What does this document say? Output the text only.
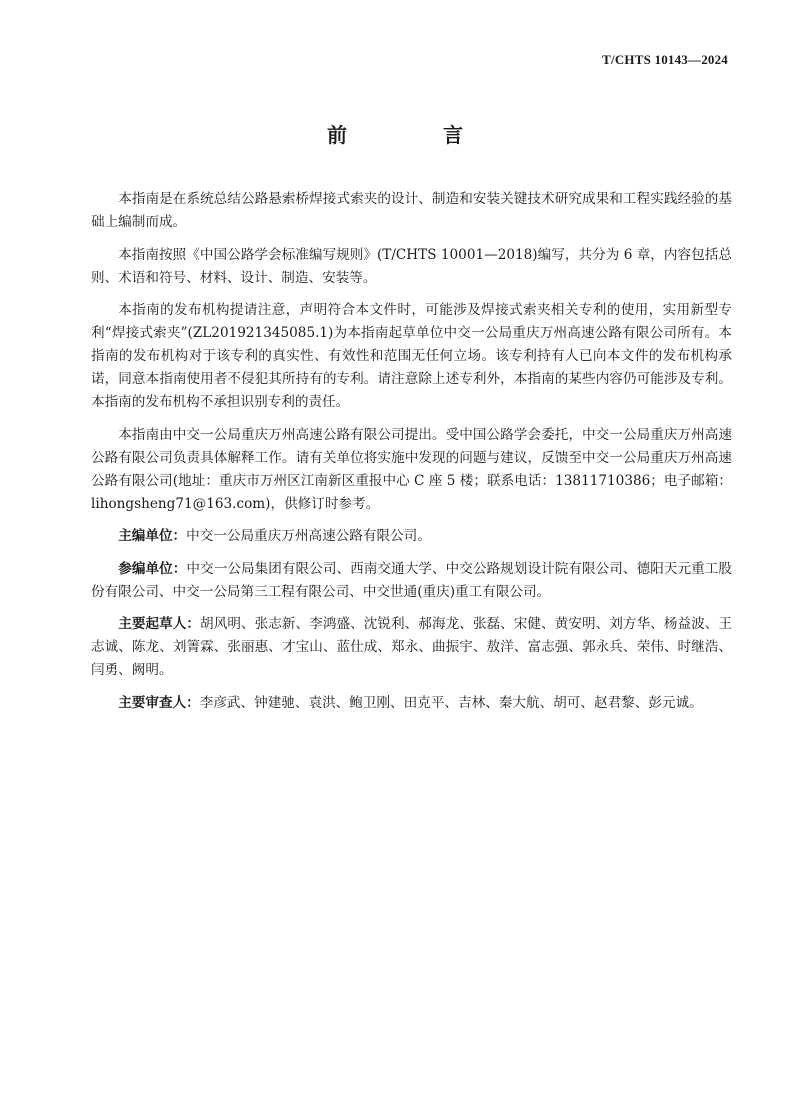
T/CHTS 10143—2024
前　言

本指南是在系统总结公路悬索桥焊接式索夹的设计、制造和安装关键技术研究成果和工程实践经验的基础上编制而成。

本指南按照《中国公路学会标准编写规则》(T/CHTS 10001—2018)编写，共分为 6 章，内容包括总则、术语和符号、材料、设计、制造、安装等。

本指南的发布机构提请注意，声明符合本文件时，可能涉及焊接式索夹相关专利的使用，实用新型专利“焊接式索夹”(ZL201921345085.1)为本指南起草单位中交一公局重庆万州高速公路有限公司所有。本指南的发布机构对于该专利的真实性、有效性和范围无任何立场。该专利持有人已向本文件的发布机构承诺，同意本指南使用者不侵犯其所持有的专利。请注意除上述专利外，本指南的某些内容仍可能涉及专利。本指南的发布机构不承担识别专利的责任。

本指南由中交一公局重庆万州高速公路有限公司提出。受中国公路学会委托，中交一公局重庆万州高速公路有限公司负责具体解释工作。请有关单位将实施中发现的问题与建议，反馈至中交一公局重庆万州高速公路有限公司(地址：重庆市万州区江南新区重报中心 C 座 5 楼；联系电话：13811710386；电子邮箱：lihongsheng71@163.com)，供修订时参考。

主编单位：中交一公局重庆万州高速公路有限公司。

参编单位：中交一公局集团有限公司、西南交通大学、中交公路规划设计院有限公司、德阳天元重工股份有限公司、中交一公局第三工程有限公司、中交世通(重庆)重工有限公司。

主要起草人：胡风明、张志新、李鸿盛、沈锐利、郝海龙、张磊、宋健、黄安明、刘方华、杨益波、王志诚、陈龙、刘箐霖、张丽惠、才宝山、蓝仕成、郑永、曲振宇、敖洋、富志强、郭永兵、荣伟、时继浩、闫勇、阙明。

主要审查人：李彦武、钟建驰、袁洪、鲍卫刚、田克平、吉林、秦大航、胡可、赵君黎、彭元诚。
